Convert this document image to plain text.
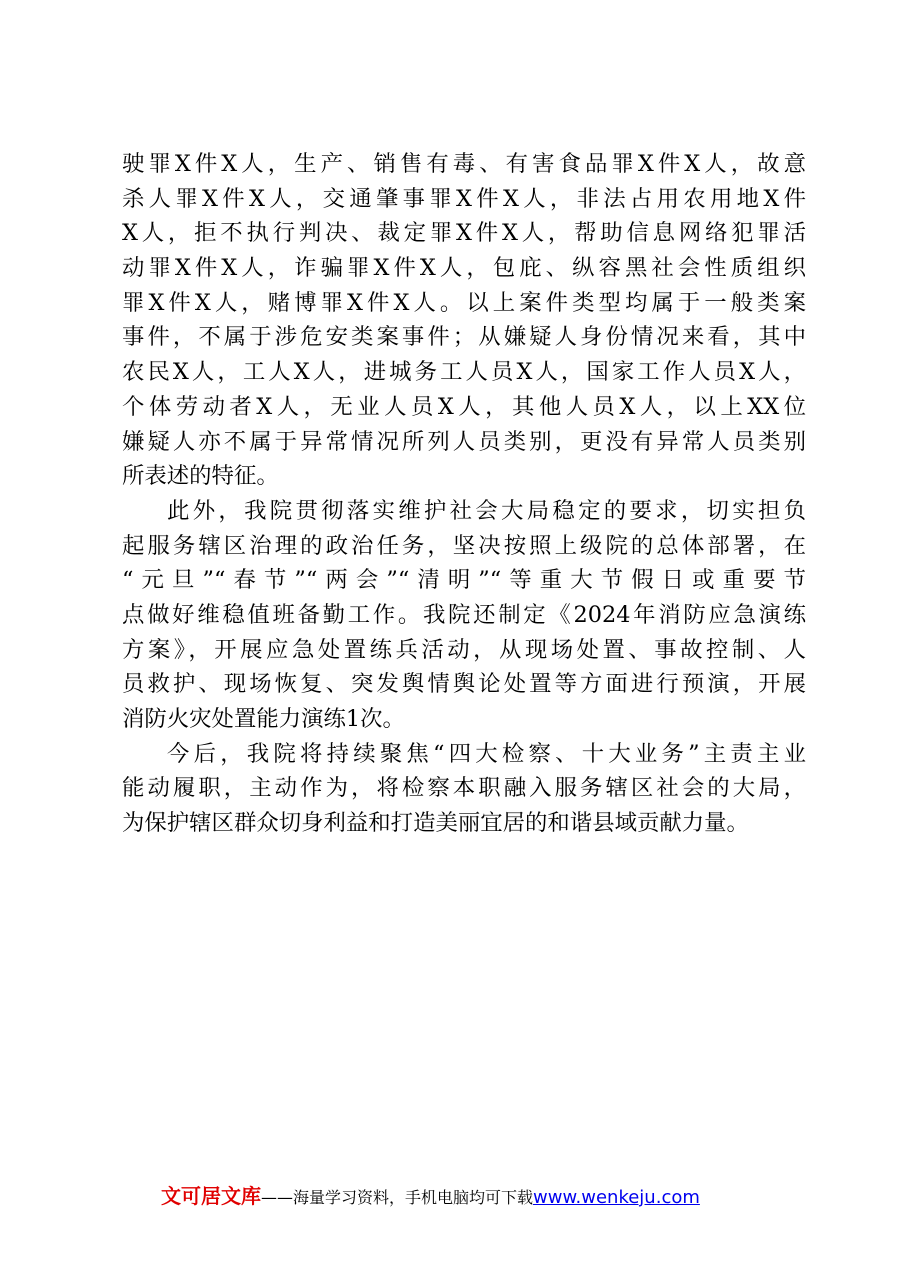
驶罪X件X人，生产、销售有毒、有害食品罪X件X人，故意
杀人罪X件X人，交通肇事罪X件X人，非法占用农用地X件
X人，拒不执行判决、裁定罪X件X人，帮助信息网络犯罪活
动罪X件X人，诈骗罪X件X人，包庇、纵容黑社会性质组织
罪X件X人，赌博罪X件X人。以上案件类型均属于一般类案
事件，不属于涉危安类案事件；从嫌疑人身份情况来看，其中
农民X人，工人X人，进城务工人员X人，国家工作人员X人，
个体劳动者X人，无业人员X人，其他人员X人，以上XX位
嫌疑人亦不属于异常情况所列人员类别，更没有异常人员类别
所表述的特征。
此外，我院贯彻落实维护社会大局稳定的要求，切实担负
起服务辖区治理的政治任务，坚决按照上级院的总体部署，在
“元旦”“春节”“两会”“清明”“等重大节假日或重要节
点做好维稳值班备勤工作。我院还制定《2024年消防应急演练
方案》，开展应急处置练兵活动，从现场处置、事故控制、人
员救护、现场恢复、突发舆情舆论处置等方面进行预演，开展
消防火灾处置能力演练1次。
今后，我院将持续聚焦“四大检察、十大业务”主责主业
能动履职，主动作为，将检察本职融入服务辖区社会的大局，
为保护辖区群众切身利益和打造美丽宜居的和谐县域贡献力量。
文可居文库——海量学习资料，手机电脑均可下载www.wenkeju.com
